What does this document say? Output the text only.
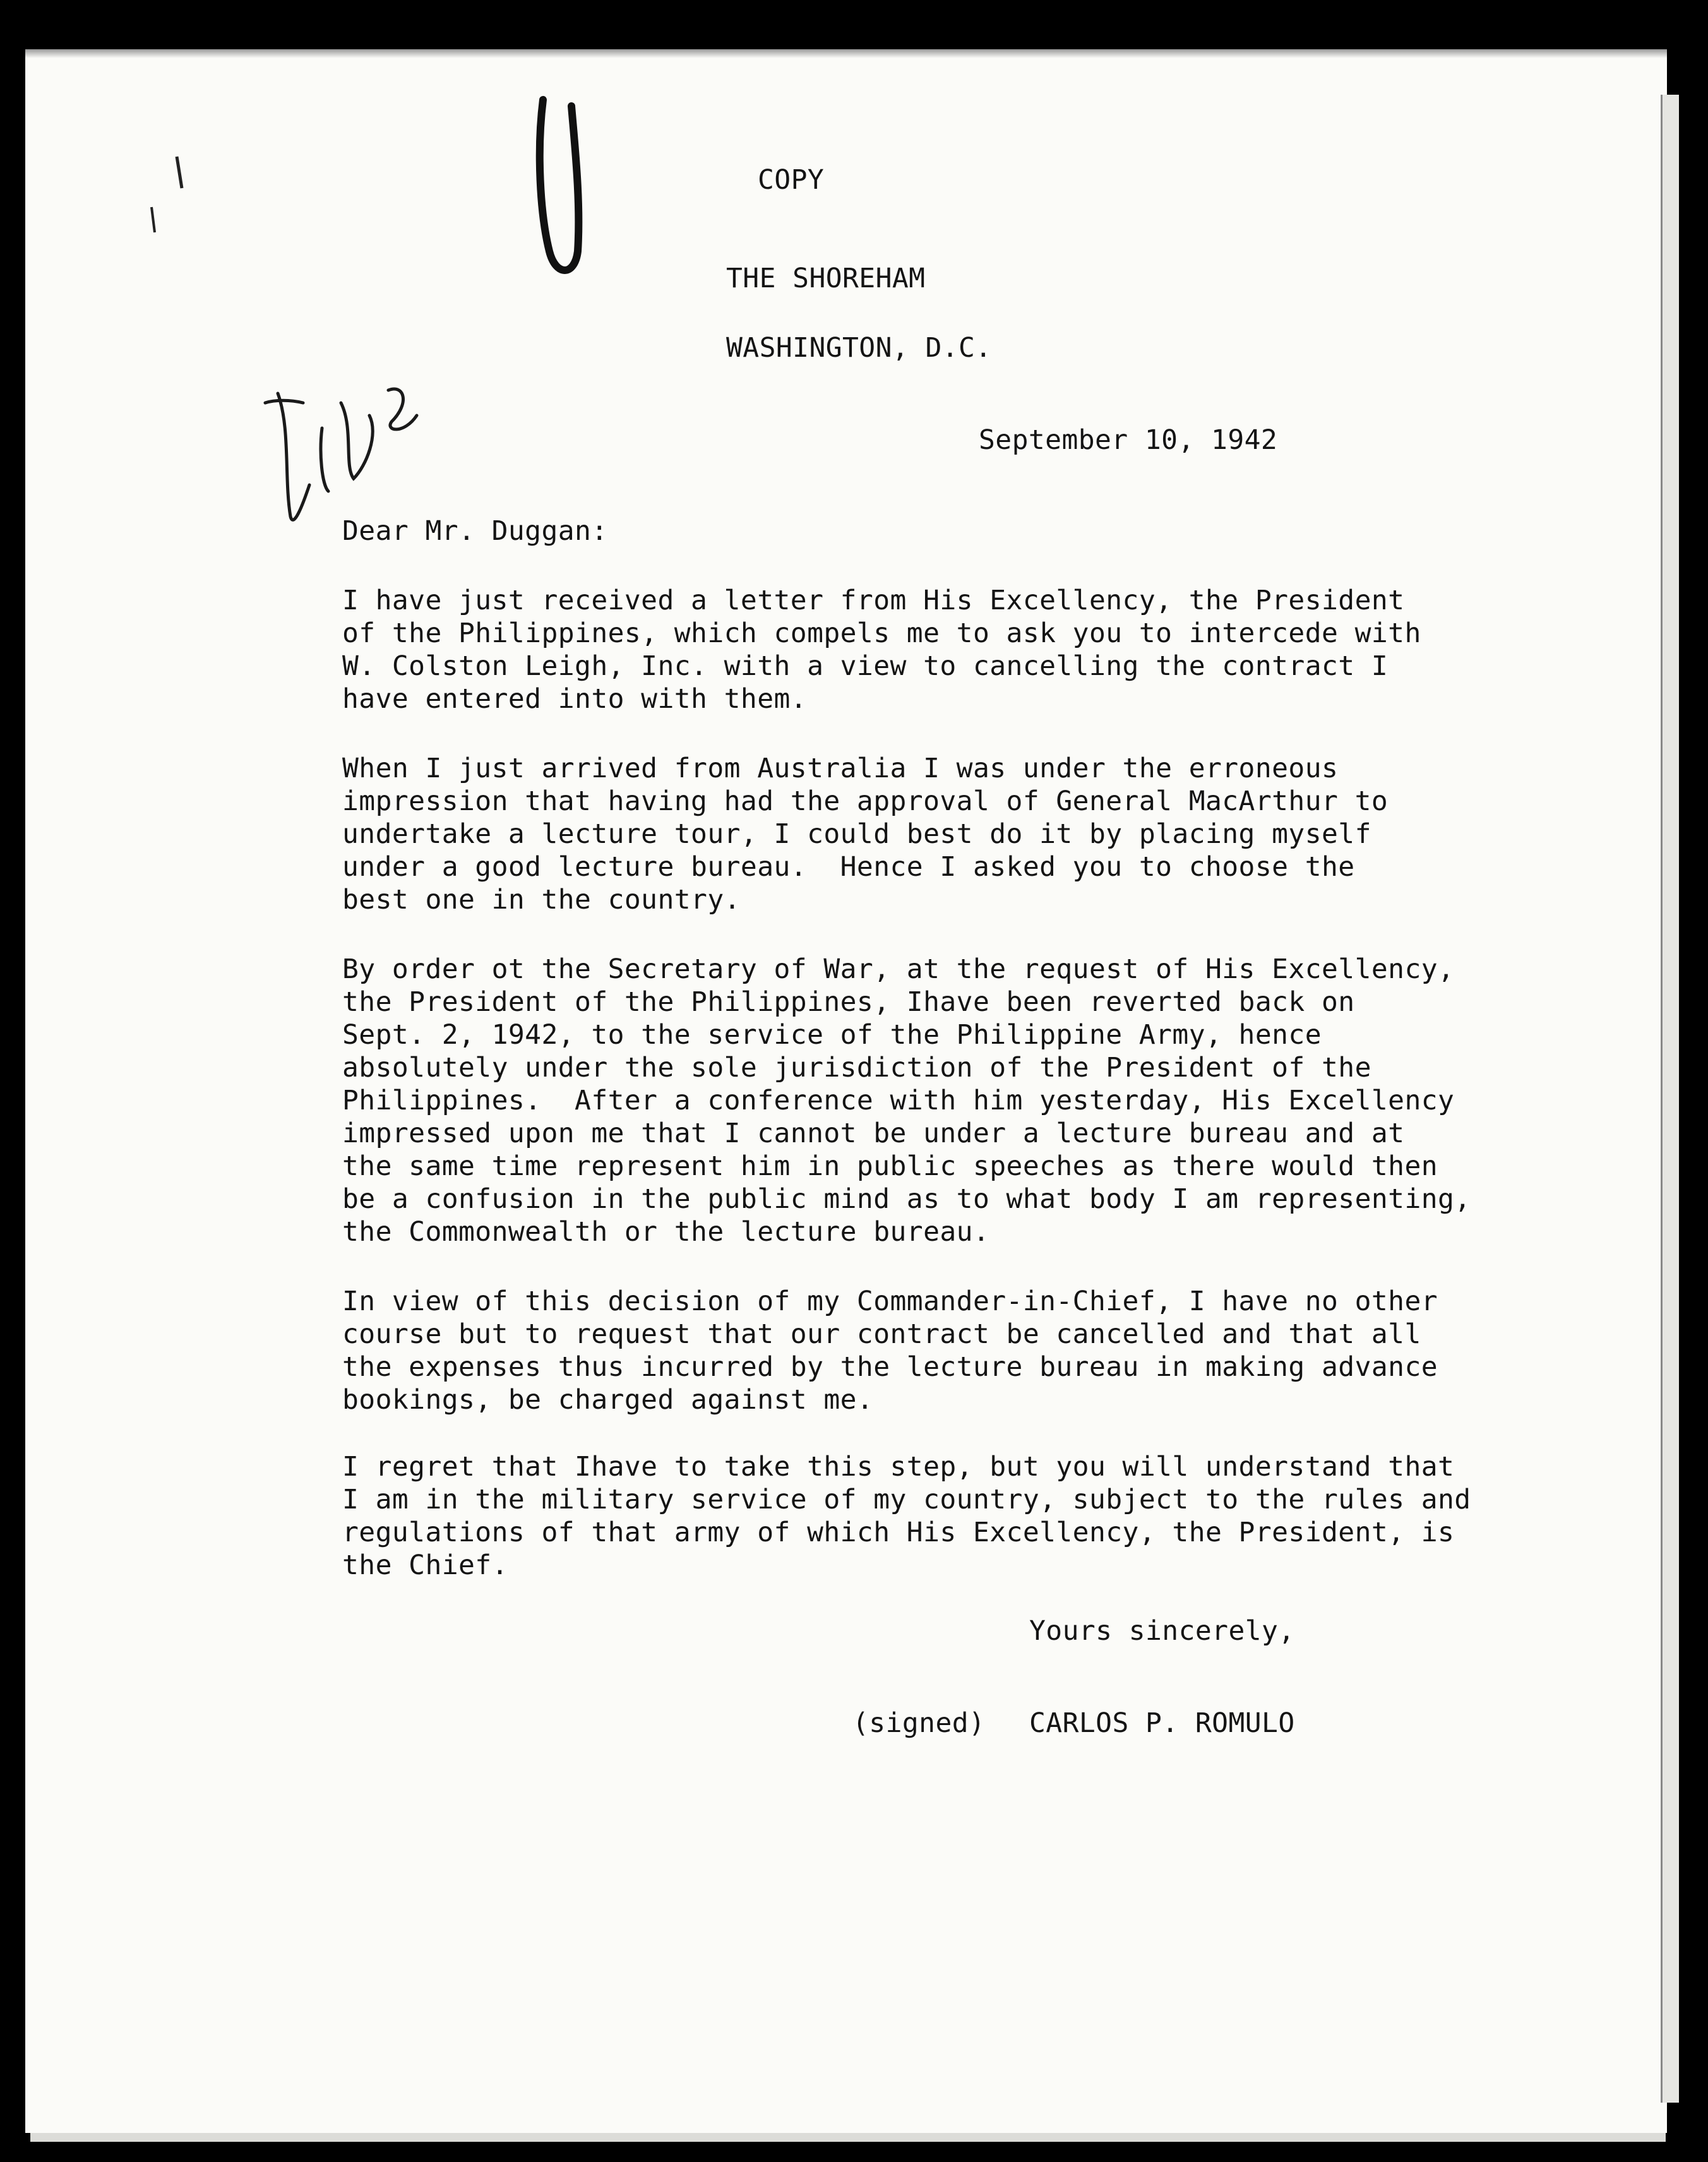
COPY
THE SHOREHAM
WASHINGTON, D.C.
September 10, 1942
Dear Mr. Duggan:
I have just received a letter from His Excellency, the President
of the Philippines, which compels me to ask you to intercede with
W. Colston Leigh, Inc. with a view to cancelling the contract I
have entered into with them.
When I just arrived from Australia I was under the erroneous
impression that having had the approval of General MacArthur to
undertake a lecture tour, I could best do it by placing myself
under a good lecture bureau.  Hence I asked you to choose the
best one in the country.
By order ot the Secretary of War, at the request of His Excellency,
the President of the Philippines, Ihave been reverted back on
Sept. 2, 1942, to the service of the Philippine Army, hence
absolutely under the sole jurisdiction of the President of the
Philippines.  After a conference with him yesterday, His Excellency
impressed upon me that I cannot be under a lecture bureau and at
the same time represent him in public speeches as there would then
be a confusion in the public mind as to what body I am representing,
the Commonwealth or the lecture bureau.
In view of this decision of my Commander-in-Chief, I have no other
course but to request that our contract be cancelled and that all
the expenses thus incurred by the lecture bureau in making advance
bookings, be charged against me.
I regret that Ihave to take this step, but you will understand that
I am in the military service of my country, subject to the rules and
regulations of that army of which His Excellency, the President, is
the Chief.
Yours sincerely,
(signed) CARLOS P. ROMULO
